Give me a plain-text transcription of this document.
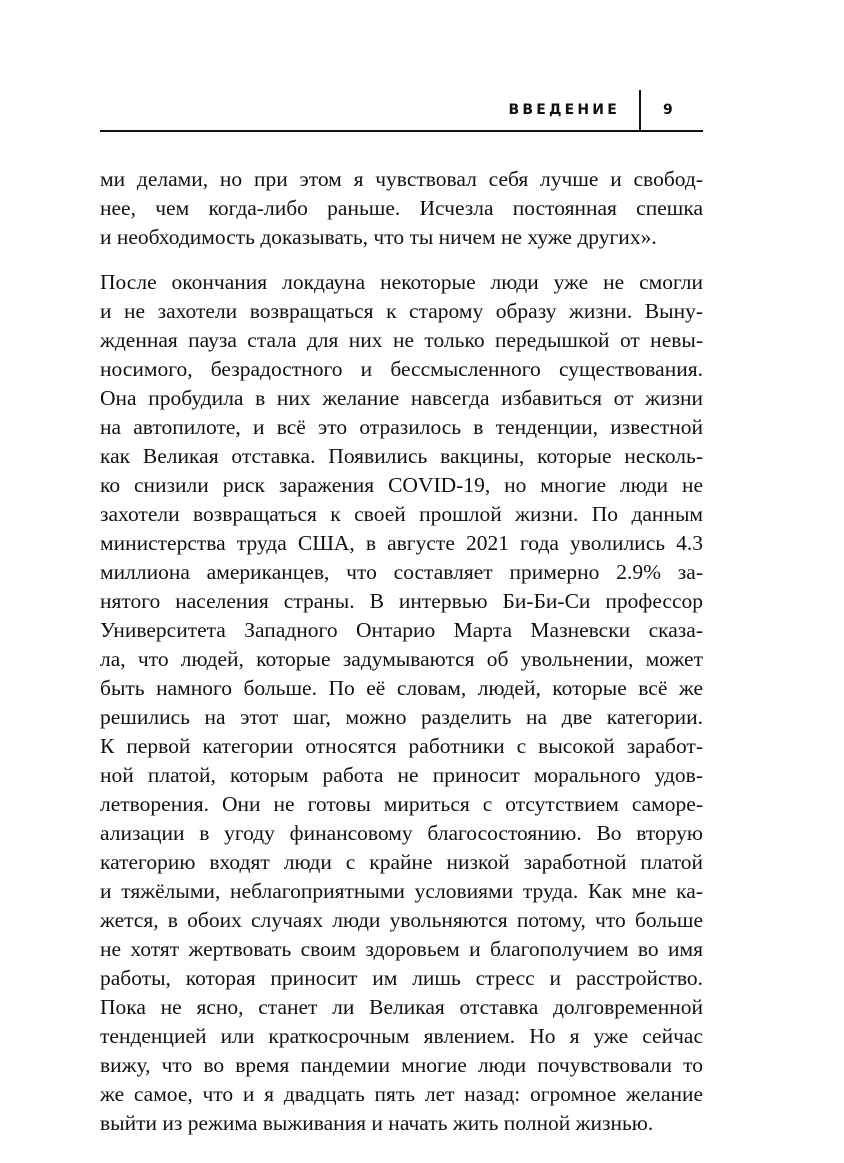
ВВЕДЕНИЕ	9
ми делами, но при этом я чувствовал себя лучше и свобод-
нее, чем когда-либо раньше. Исчезла постоянная спешка
и необходимость доказывать, что ты ничем не хуже других».
После окончания локдауна некоторые люди уже не смогли
и не захотели возвращаться к старому образу жизни. Выну-
жденная пауза стала для них не только передышкой от невы-
носимого, безрадостного и бессмысленного существования.
Она пробудила в них желание навсегда избавиться от жизни
на автопилоте, и всё это отразилось в тенденции, известной
как Великая отставка. Появились вакцины, которые несколь-
ко снизили риск заражения COVID-19, но многие люди не
захотели возвращаться к своей прошлой жизни. По данным
министерства труда США, в августе 2021 года уволились 4.3
миллиона американцев, что составляет примерно 2.9% за-
нятого населения страны. В интервью Би-Би-Си профессор
Университета Западного Онтарио Марта Мазневски сказа-
ла, что людей, которые задумываются об увольнении, может
быть намного больше. По её словам, людей, которые всё же
решились на этот шаг, можно разделить на две категории.
К первой категории относятся работники с высокой заработ-
ной платой, которым работа не приносит морального удов-
летворения. Они не готовы мириться с отсутствием саморе-
ализации в угоду финансовому благосостоянию. Во вторую
категорию входят люди с крайне низкой заработной платой
и тяжёлыми, неблагоприятными условиями труда. Как мне ка-
жется, в обоих случаях люди увольняются потому, что больше
не хотят жертвовать своим здоровьем и благополучием во имя
работы, которая приносит им лишь стресс и расстройство.
Пока не ясно, станет ли Великая отставка долговременной
тенденцией или краткосрочным явлением. Но я уже сейчас
вижу, что во время пандемии многие люди почувствовали то
же самое, что и я двадцать пять лет назад: огромное желание
выйти из режима выживания и начать жить полной жизнью.
